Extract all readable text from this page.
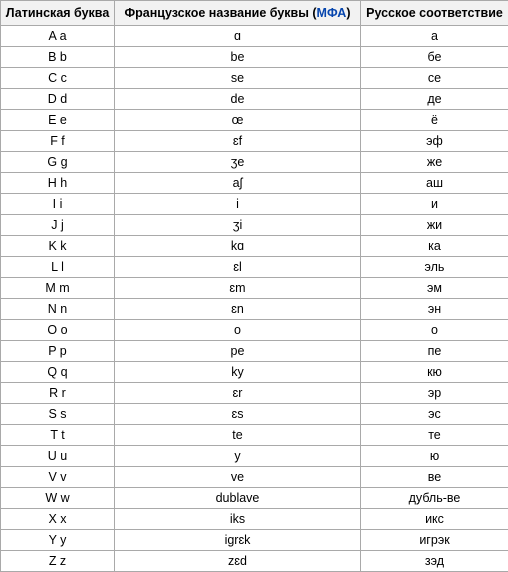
Латинская буква	Французское название буквы (МФА)	Русское соответствие
A a	ɑ	а
B b	be	бе
C c	se	се
D d	de	де
E e	œ	ё
F f	ɛf	эф
G g	ʒe	же
H h	aʃ	аш
I i	i	и
J j	ʒi	жи
K k	kɑ	ка
L l	ɛl	эль
M m	ɛm	эм
N n	ɛn	эн
O o	o	о
P p	pe	пе
Q q	ky	кю
R r	ɛr	эр
S s	ɛs	эс
T t	te	те
U u	y	ю
V v	ve	ве
W w	dublave	дубль-ве
X x	iks	икс
Y y	igrɛk	игрэк
Z z	zɛd	зэд
